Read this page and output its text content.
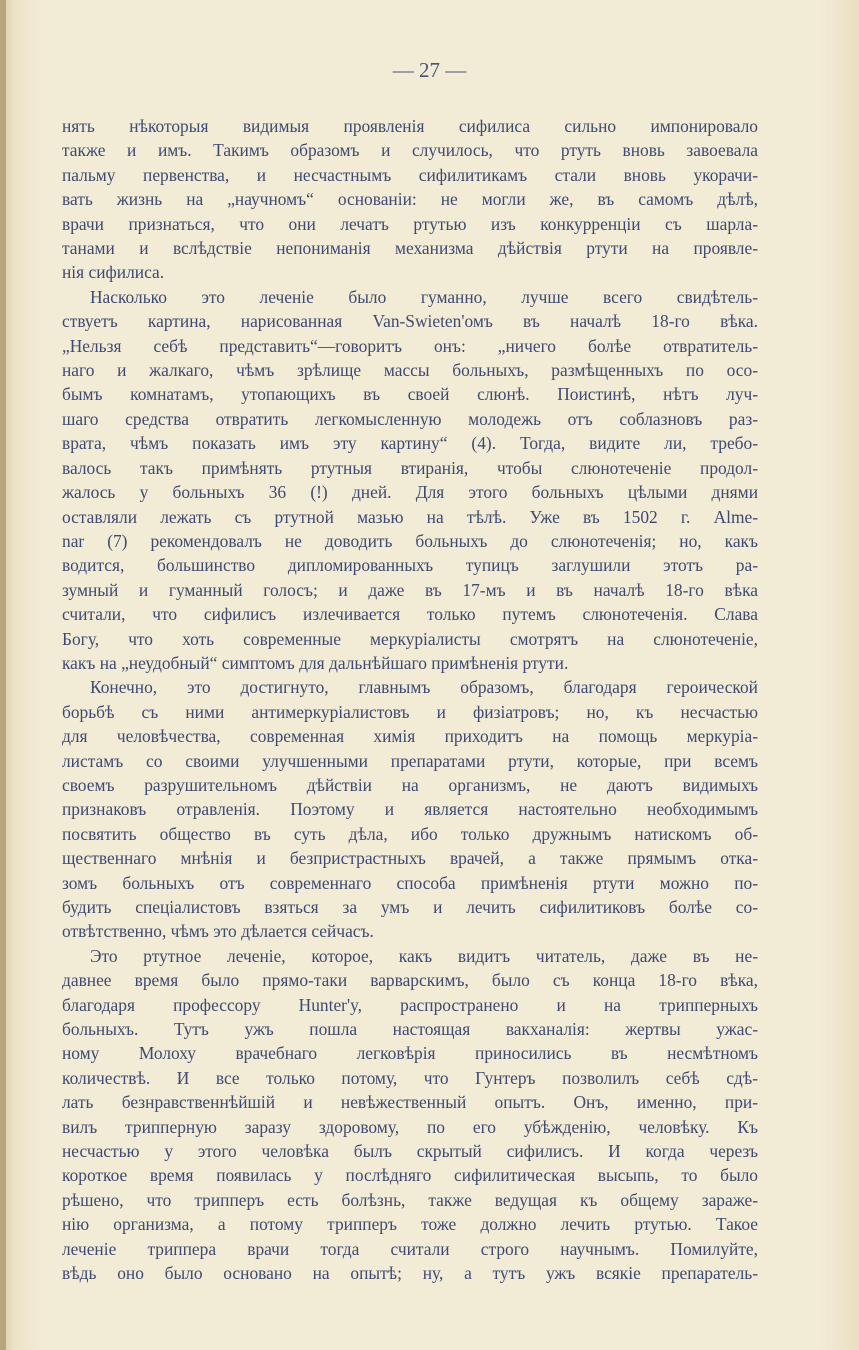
— 27 —
нять нѣкоторыя видимыя проявленія сифилиса сильно импонировало
также и имъ. Такимъ образомъ и случилось, что ртуть вновь завоевала
пальму первенства, и несчастнымъ сифилитикамъ стали вновь укорачи-
вать жизнь на „научномъ“ основаніи: не могли же, въ самомъ дѣлѣ,
врачи признаться, что они лечатъ ртутью изъ конкурренціи съ шарла-
танами и вслѣдствіе непониманія механизма дѣйствія ртути на проявле-
нія сифилиса.
Насколько это леченіе было гуманно, лучше всего свидѣтель-
ствуетъ картина, нарисованная Van-Swieten'омъ въ началѣ 18-го вѣка.
„Нельзя себѣ представить“—говоритъ онъ: „ничего болѣе отвратитель-
наго и жалкаго, чѣмъ зрѣлище массы больныхъ, размѣщенныхъ по осо-
бымъ комнатамъ, утопающихъ въ своей слюнѣ. Поистинѣ, нѣтъ луч-
шаго средства отвратить легкомысленную молодежь отъ соблазновъ раз-
врата, чѣмъ показать имъ эту картину“ (4). Тогда, видите ли, требо-
валось такъ примѣнять ртутныя втиранія, чтобы слюнотеченіе продол-
жалось у больныхъ 36 (!) дней. Для этого больныхъ цѣлыми днями
оставляли лежать съ ртутной мазью на тѣлѣ. Уже въ 1502 г. Alme-
nar (7) рекомендовалъ не доводить больныхъ до слюнотеченія; но, какъ
водится, большинство дипломированныхъ тупицъ заглушили этотъ ра-
зумный и гуманный голосъ; и даже въ 17-мъ и въ началѣ 18-го вѣка
считали, что сифилисъ излечивается только путемъ слюнотеченія. Слава
Богу, что хоть современные меркуріалисты смотрятъ на слюнотеченіе,
какъ на „неудобный“ симптомъ для дальнѣйшаго примѣненія ртути.
Конечно, это достигнуто, главнымъ образомъ, благодаря героической
борьбѣ съ ними антимеркуріалистовъ и физіатровъ; но, къ несчастью
для человѣчества, современная химія приходитъ на помощь меркуріа-
листамъ со своими улучшенными препаратами ртути, которые, при всемъ
своемъ разрушительномъ дѣйствіи на организмъ, не даютъ видимыхъ
признаковъ отравленія. Поэтому и является настоятельно необходимымъ
посвятить общество въ суть дѣла, ибо только дружнымъ натискомъ об-
щественнаго мнѣнія и безпристрастныхъ врачей, а также прямымъ отка-
зомъ больныхъ отъ современнаго способа примѣненія ртути можно по-
будить спеціалистовъ взяться за умъ и лечить сифилитиковъ болѣе со-
отвѣтственно, чѣмъ это дѣлается сейчасъ.
Это ртутное леченіе, которое, какъ видитъ читатель, даже въ не-
давнее время было прямо-таки варварскимъ, было съ конца 18-го вѣка,
благодаря профессору Hunter'y, распространено и на трипперныхъ
больныхъ. Тутъ ужъ пошла настоящая вакханалія: жертвы ужас-
ному Молоху врачебнаго легковѣрія приносились въ несмѣтномъ
количествѣ. И все только потому, что Гунтеръ позволилъ себѣ сдѣ-
лать безнравственнѣйшій и невѣжественный опытъ. Онъ, именно, при-
вилъ трипперную заразу здоровому, по его убѣжденію, человѣку. Къ
несчастью у этого человѣка былъ скрытый сифилисъ. И когда черезъ
короткое время появилась у послѣдняго сифилитическая высыпь, то было
рѣшено, что трипперъ есть болѣзнь, также ведущая къ общему зараже-
нію организма, а потому трипперъ тоже должно лечить ртутью. Такое
леченіе триппера врачи тогда считали строго научнымъ. Помилуйте,
вѣдь оно было основано на опытѣ; ну, а тутъ ужъ всякіе препаратель-
